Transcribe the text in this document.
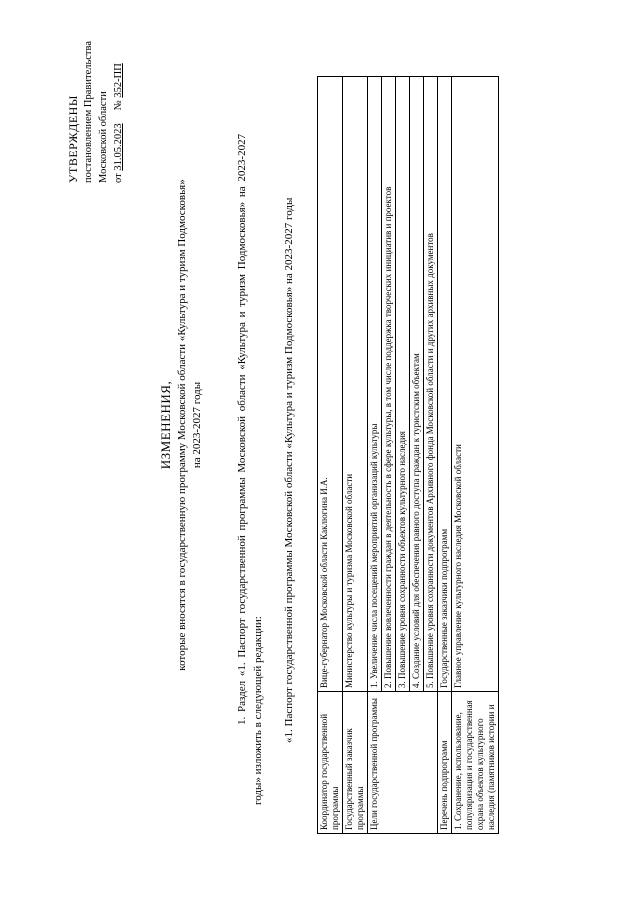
УТВЕРЖДЕНЫ постановлением Правительства Московской области от 31.05.2023     № 352-ПП
ИЗМЕНЕНИЯ, которые вносятся в государственную программу Московской области «Культура и туризм Подмосковья» на 2023-2027 годы	1. Раздел «1. Паспорт государственной программы Московской области «Культура и туризм Подмосковья» на 2023-2027 годы» изложить в следующей редакции: «1. Паспорт государственной программы Московской области «Культура и туризм Подмосковья» на 2023-2027 годы
Координатор государственной программы	Вице-губернатор Московской области Каклюгина И.А.
Государственный заказчик программы	Министерство культуры и туризма Московской области
Цели государственной программы	1. Увеличение числа посещений мероприятий организаций культуры
	2. Повышение вовлеченности граждан в деятельность в сфере культуры, в том числе поддержка творческих инициатив и проектов
	3. Повышение уровня сохранности объектов культурного наследия
	4. Создание условий для обеспечения равного доступа граждан к туристским объектам
	5. Повышение уровня сохранности документов Архивного фонда Московской области и других архивных документов
Перечень подпрограмм	Государственные заказчики подпрограмм
1. Сохранение, использование, популяризация и государственная охрана объектов культурного наследия (памятников истории и	Главное управление культурного наследия Московской области
